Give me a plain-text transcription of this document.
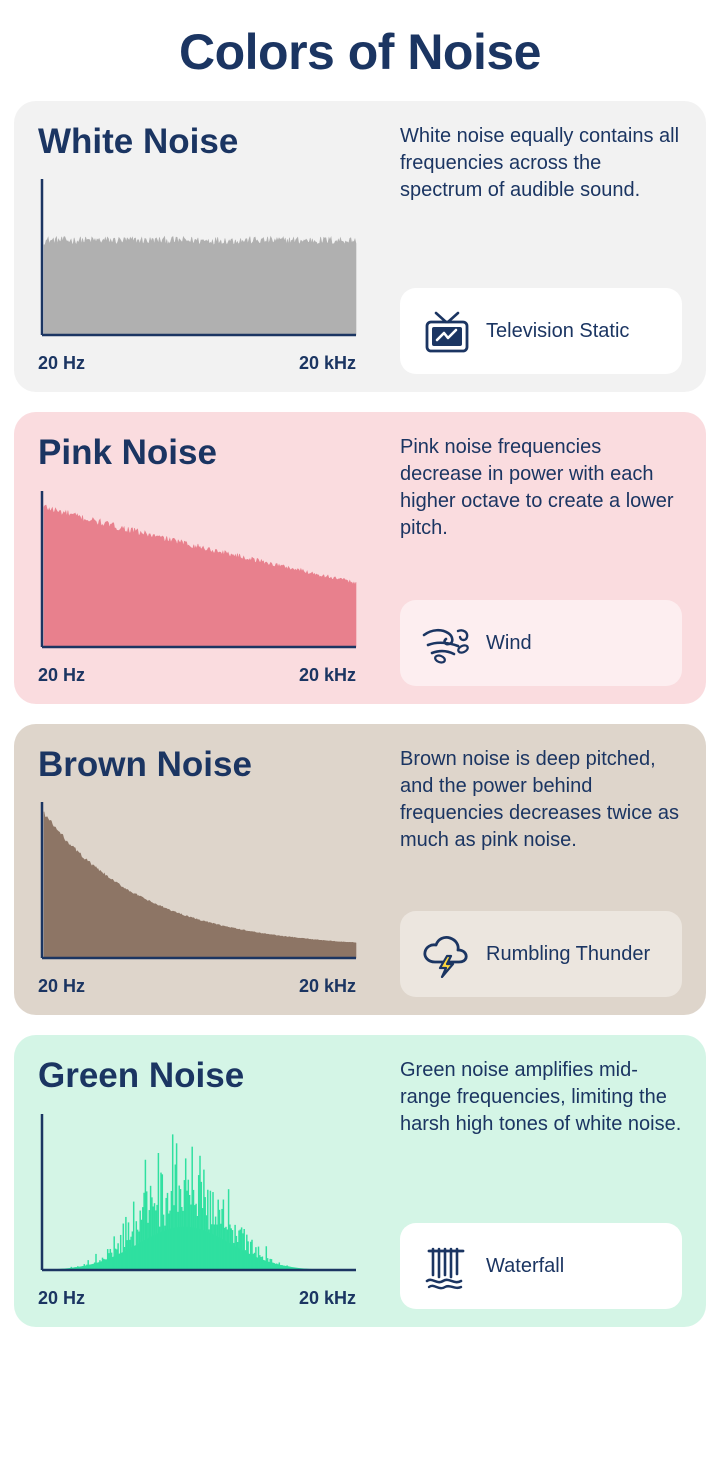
Colors of Noise
White Noise
20 Hz	20 kHz
White noise equally contains all frequencies across the spectrum of audible sound.
Television Static
Pink Noise
20 Hz	20 kHz
Pink noise frequencies decrease in power with each higher octave to create a lower pitch.
Wind
Brown Noise
20 Hz	20 kHz
Brown noise is deep pitched, and the power behind frequencies decreases twice as much as pink noise.
Rumbling Thunder
Green Noise
20 Hz	20 kHz
Green noise amplifies mid-range frequencies, limiting the harsh high tones of white noise.
Waterfall
